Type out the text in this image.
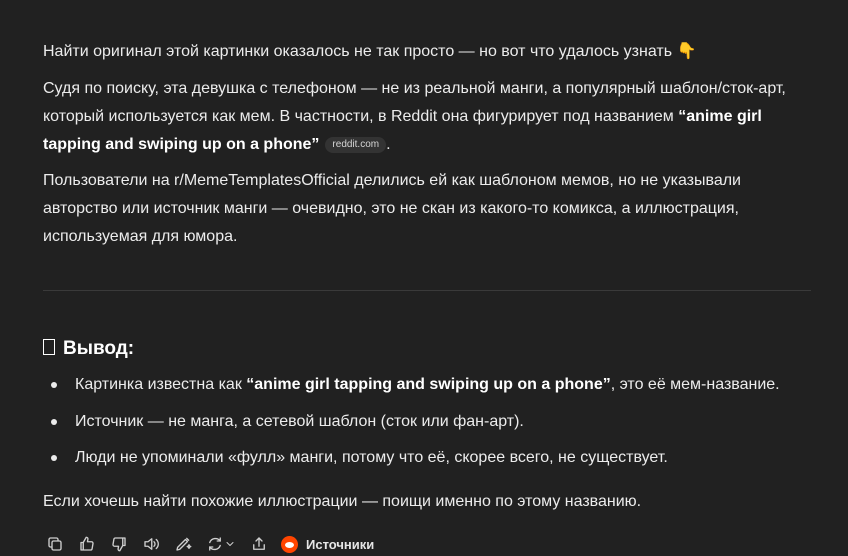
Найти оригинал этой картинки оказалось не так просто — но вот что удалось узнать 👇

Судя по поиску, эта девушка с телефоном — не из реальной манги, а популярный шаблон/сток-арт, который используется как мем. В частности, в Reddit она фигурирует под названием “anime girl tapping and swiping up on a phone” reddit.com .

Пользователи на r/MemeTemplatesOfficial делились ей как шаблоном мемов, но не указывали авторство или источник манги — очевидно, это не скан из какого-то комикса, а иллюстрация, используемая для юмора.

Вывод:
Картинка известна как “anime girl tapping and swiping up on a phone”, это её мем-название.
Источник — не манга, а сетевой шаблон (сток или фан-арт).
Люди не упоминали «фулл» манги, потому что её, скорее всего, не существует.

Если хочешь найти похожие иллюстрации — поищи именно по этому названию.

Источники
